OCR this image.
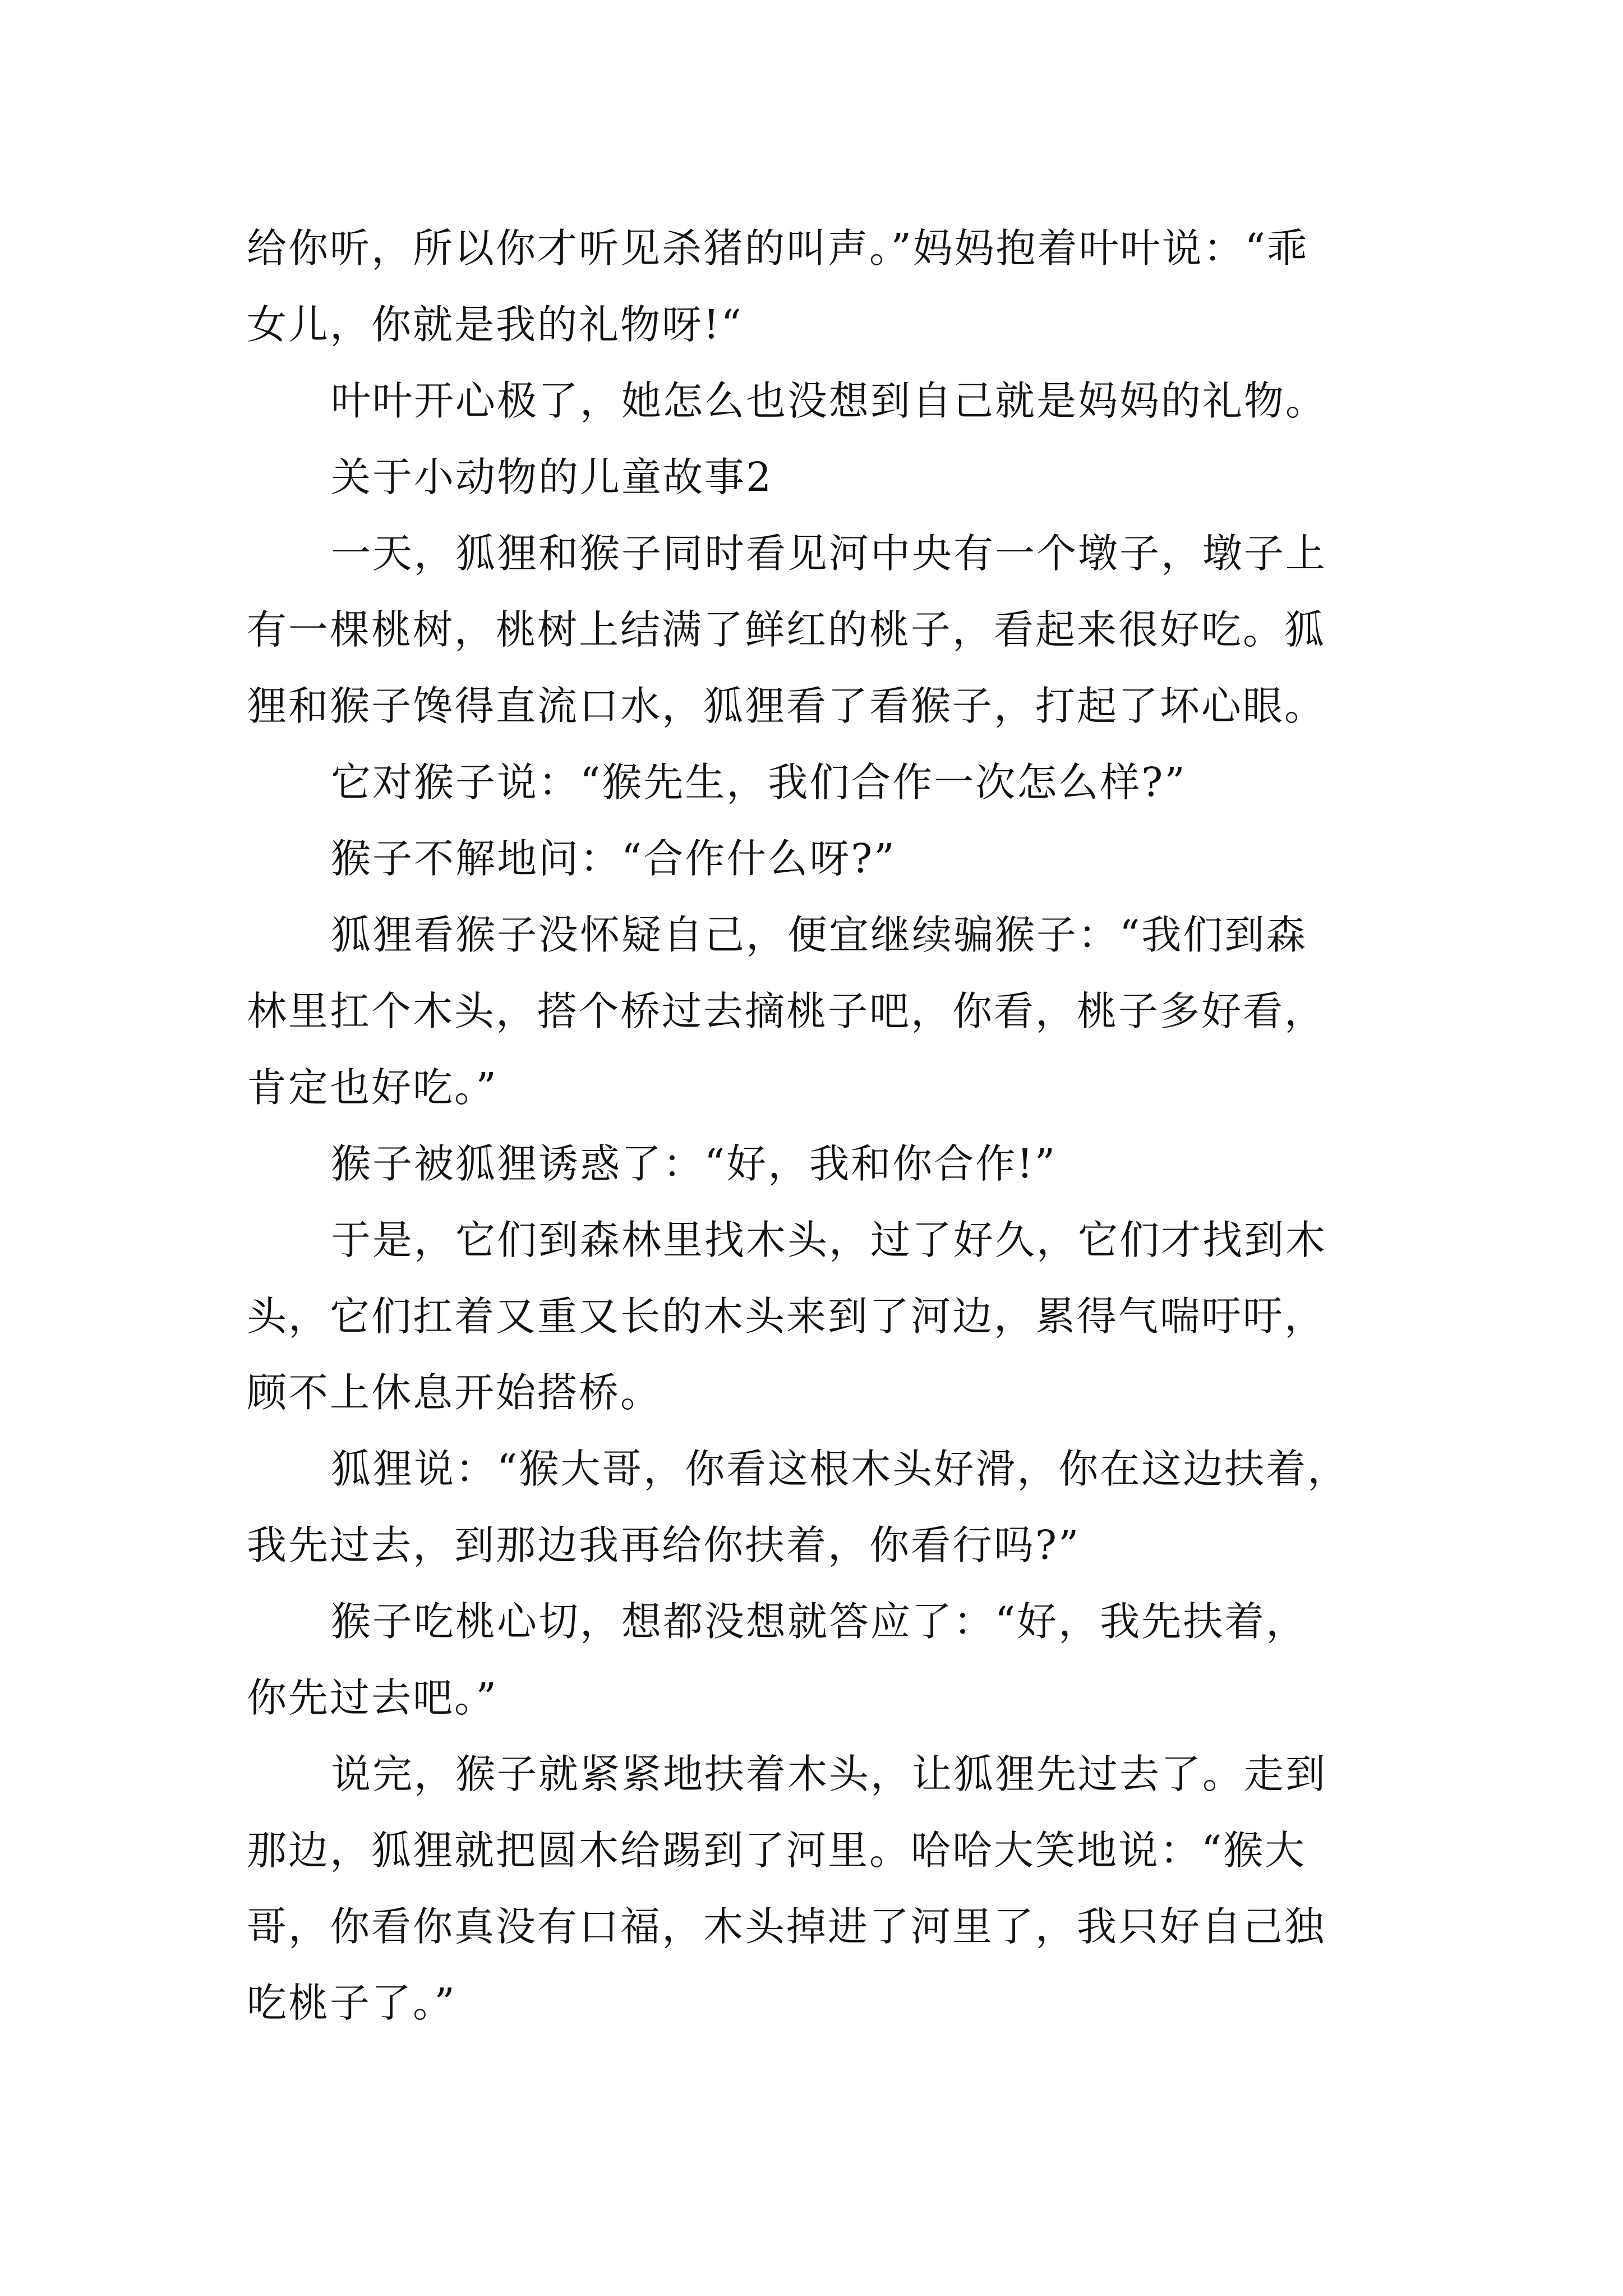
给你听，所以你才听见杀猪的叫声。”妈妈抱着叶叶说：“乖
女儿，你就是我的礼物呀!“
叶叶开心极了，她怎么也没想到自己就是妈妈的礼物。
关于小动物的儿童故事2
一天，狐狸和猴子同时看见河中央有一个墩子，墩子上
有一棵桃树，桃树上结满了鲜红的桃子，看起来很好吃。狐
狸和猴子馋得直流口水，狐狸看了看猴子，打起了坏心眼。
它对猴子说：“猴先生，我们合作一次怎么样?”
猴子不解地问：“合作什么呀?”
狐狸看猴子没怀疑自己，便宜继续骗猴子：“我们到森
林里扛个木头，搭个桥过去摘桃子吧，你看，桃子多好看，
肯定也好吃。”
猴子被狐狸诱惑了：“好，我和你合作!”
于是，它们到森林里找木头，过了好久，它们才找到木
头，它们扛着又重又长的木头来到了河边，累得气喘吁吁，
顾不上休息开始搭桥。
狐狸说：“猴大哥，你看这根木头好滑，你在这边扶着，
我先过去，到那边我再给你扶着，你看行吗?”
猴子吃桃心切，想都没想就答应了：“好，我先扶着，
你先过去吧。”
说完，猴子就紧紧地扶着木头，让狐狸先过去了。走到
那边，狐狸就把圆木给踢到了河里。哈哈大笑地说：“猴大
哥，你看你真没有口福，木头掉进了河里了，我只好自己独
吃桃子了。”
